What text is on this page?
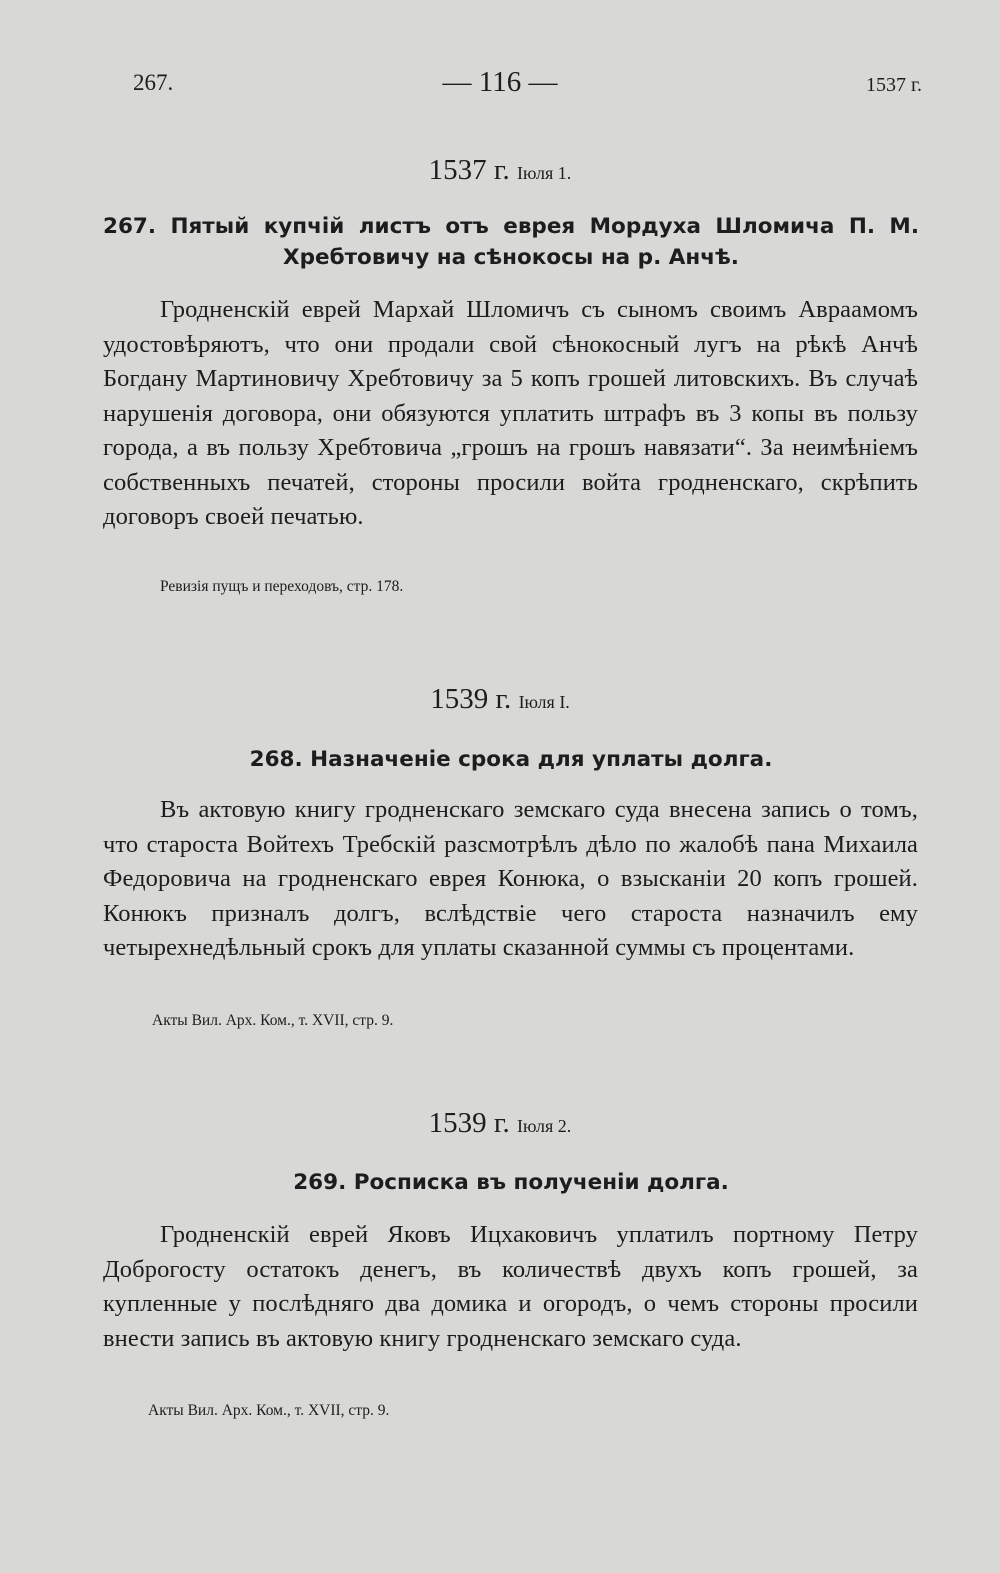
267.	— 116 —	1537 г.
1537 г. Іюля 1.
267. Пятый купчій листъ отъ еврея Мордуха Шломича П. М. Хребтовичу на сѣнокосы на р. Анчѣ.
Гродненскій еврей Мархай Шломичъ съ сыномъ своимъ Авраамомъ удостовѣряютъ, что они продали свой сѣнокосный лугъ на рѣкѣ Анчѣ Богдану Мартиновичу Хребтовичу за 5 копъ грошей литовскихъ. Въ случаѣ нарушенія договора, они обязуются уплатить штрафъ въ 3 копы въ пользу города, а въ пользу Хребтовича „грошъ на грошъ навязати“. За неимѣніемъ собственныхъ печатей, стороны просили войта гродненскаго, скрѣпить договоръ своей печатью.
Ревизія пущъ и переходовъ, стр. 178.
1539 г. Іюля І.
268. Назначеніе срока для уплаты долга.
Въ актовую книгу гродненскаго земскаго суда внесена запись о томъ, что староста Войтехъ Требскій разсмотрѣлъ дѣло по жалобѣ пана Михаила Федоровича на гродненскаго еврея Конюка, о взысканіи 20 копъ грошей. Конюкъ призналъ долгъ, вслѣдствіе чего староста назначилъ ему четырехнедѣльный срокъ для уплаты сказанной суммы съ процентами.
Акты Вил. Арх. Ком., т. XVII, стр. 9.
1539 г. Іюля 2.
269. Росписка въ полученіи долга.
Гродненскій еврей Яковъ Ицхаковичъ уплатилъ портному Петру Доброгосту остатокъ денегъ, въ количествѣ двухъ копъ грошей, за купленные у послѣдняго два домика и огородъ, о чемъ стороны просили внести запись въ актовую книгу гродненскаго земскаго суда.
Акты Вил. Арх. Ком., т. XVII, стр. 9.
